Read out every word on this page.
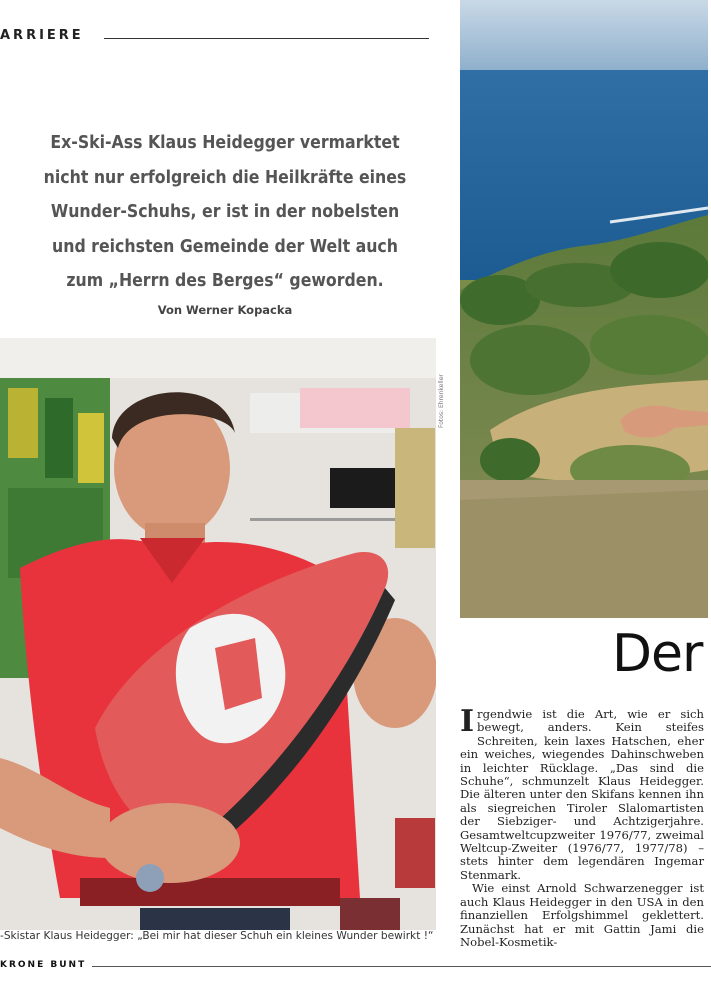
ARRIERE
Ex-Ski-Ass Klaus Heidegger vermarktet
nicht nur erfolgreich die Heilkräfte eines
Wunder-Schuhs, er ist in der nobelsten
und reichsten Gemeinde der Welt auch
zum „Herrn des Berges“ geworden.
Von Werner Kopacka
Fotos: Ehrenkeller
Der

Irgendwie ist die Art, wie er sich bewegt, anders. Kein steifes Schreiten, kein laxes Hatschen, eher ein weiches, wiegendes Dahinschweben in leichter Rücklage. „Das sind die Schuhe“, schmunzelt Klaus Heidegger. Die älteren unter den Skifans kennen ihn als siegreichen Tiroler Slalomartisten der Siebziger- und Achtzigerjahre. Gesamtweltcupzweiter 1976/77, zweimal Weltcup-Zweiter (1976/77, 1977/78) – stets hinter dem legendären Ingemar Stenmark.

Wie einst Arnold Schwarzenegger ist auch Klaus Heidegger in den USA in den finanziellen Erfolgshimmel geklettert. Zunächst hat er mit Gattin Jami die Nobel-Kosmetik-

-Skistar Klaus Heidegger: „Bei mir hat dieser Schuh ein kleines Wunder bewirkt !“
KRONE BUNT
